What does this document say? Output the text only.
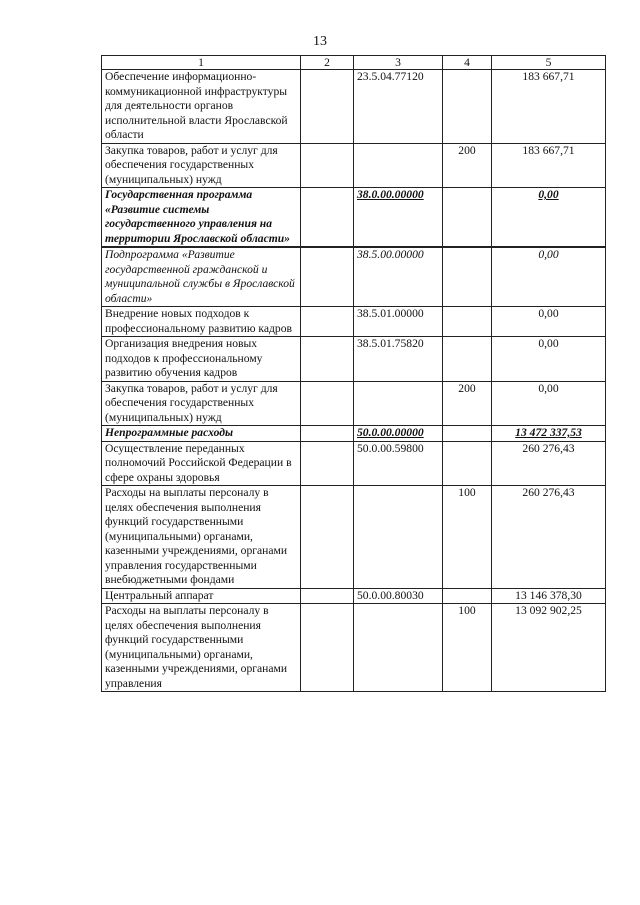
13
1	2	3	4	5
Обеспечение информационно-коммуникационной инфраструктуры для деятельности органов исполнительной власти Ярославской области		23.5.04.77120		183 667,71
Закупка товаров, работ и услуг для обеспечения государственных (муниципальных) нужд			200	183 667,71
Государственная программа «Развитие системы государственного управления на территории Ярославской области»		38.0.00.00000		0,00
Подпрограмма «Развитие государственной гражданской и муниципальной службы в Ярославской области»		38.5.00.00000		0,00
Внедрение новых подходов к профессиональному развитию кадров		38.5.01.00000		0,00
Организация внедрения новых подходов к профессиональному развитию обучения кадров		38.5.01.75820		0,00
Закупка товаров, работ и услуг для обеспечения государственных (муниципальных) нужд			200	0,00
Непрограммные расходы		50.0.00.00000		13 472 337,53
Осуществление переданных полномочий Российской Федерации в сфере охраны здоровья		50.0.00.59800		260 276,43
Расходы на выплаты персоналу в целях обеспечения выполнения функций государственными (муниципальными) органами, казенными учреждениями, органами управления государственными внебюджетными фондами			100	260 276,43
Центральный аппарат		50.0.00.80030		13 146 378,30
Расходы на выплаты персоналу в целях обеспечения выполнения функций государственными (муниципальными) органами, казенными учреждениями, органами управления			100	13 092 902,25
